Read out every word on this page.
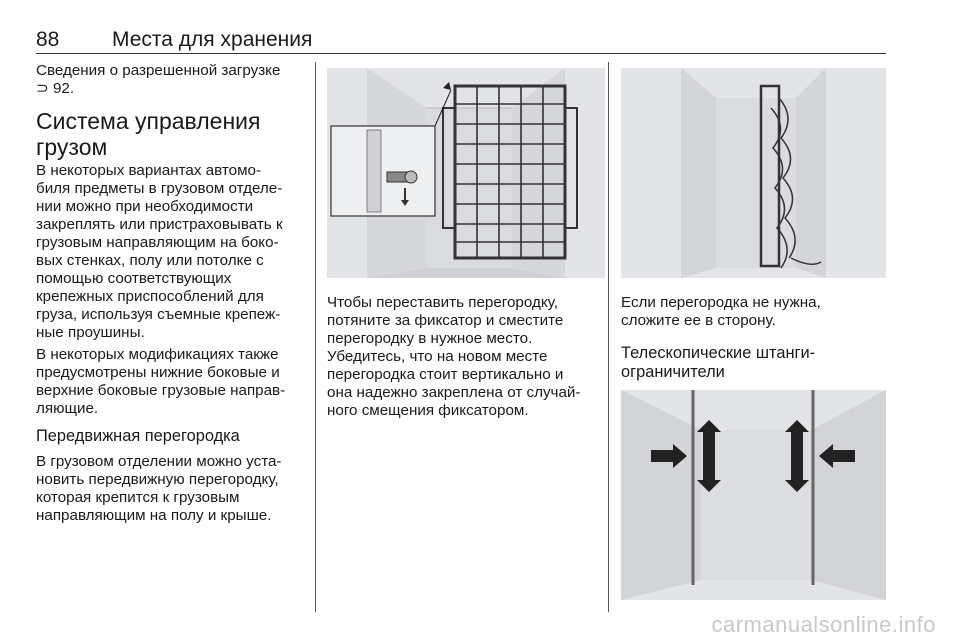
88	Места для хранения

Сведения о разрешенной загрузке
⊃ 92.

Система управления
грузом

В некоторых вариантах автомо-
биля предметы в грузовом отделе-
нии можно при необходимости
закреплять или пристраховывать к
грузовым направляющим на боко-
вых стенках, полу или потолке с
помощью соответствующих
крепежных приспособлений для
груза, используя съемные крепеж-
ные проушины.

В некоторых модификациях также
предусмотрены нижние боковые и
верхние боковые грузовые направ-
ляющие.

Передвижная перегородка

В грузовом отделении можно уста-
новить передвижную перегородку,
которая крепится к грузовым
направляющим на полу и крыше.

Чтобы переставить перегородку,
потяните за фиксатор и сместите
перегородку в нужное место.
Убедитесь, что на новом месте
перегородка стоит вертикально и
она надежно закреплена от случай-
ного смещения фиксатором.

Если перегородка не нужна,
сложите ее в сторону.

Телескопические штанги-
ограничители
carmanualsonline.info
